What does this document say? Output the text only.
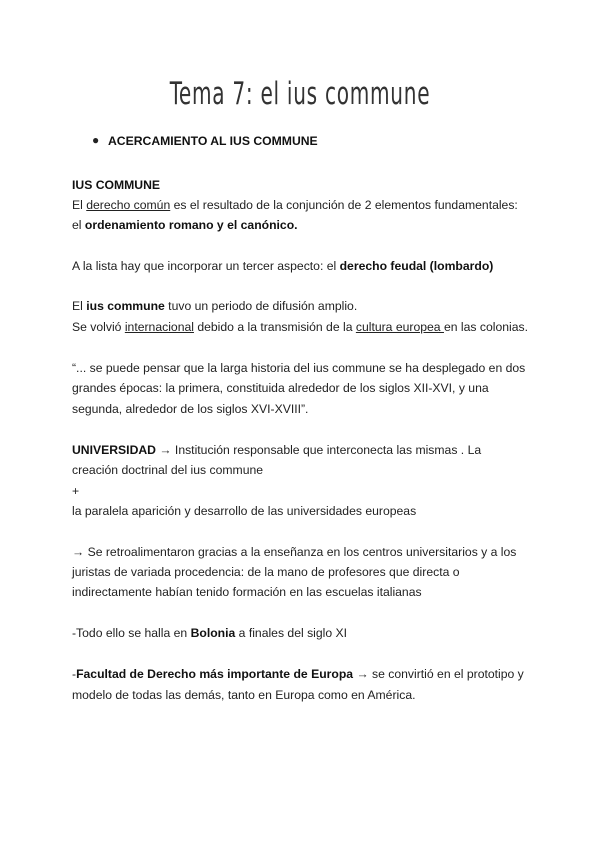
Tema 7: el ius commune
● ACERCAMIENTO AL IUS COMMUNE
IUS COMMUNE
El derecho común es el resultado de la conjunción de 2 elementos fundamentales:
el ordenamiento romano y el canónico.
A la lista hay que incorporar un tercer aspecto: el derecho feudal (lombardo)
El ius commune tuvo un periodo de difusión amplio.
Se volvió internacional debido a la transmisión de la cultura europea en las colonias.
“... se puede pensar que la larga historia del ius commune se ha desplegado en dos
grandes épocas: la primera, constituida alrededor de los siglos XII-XVI, y una
segunda, alrededor de los siglos XVI-XVIII”.
UNIVERSIDAD → Institución responsable que interconecta las mismas . La
creación doctrinal del ius commune
+
la paralela aparición y desarrollo de las universidades europeas
→ Se retroalimentaron gracias a la enseñanza en los centros universitarios y a los
juristas de variada procedencia: de la mano de profesores que directa o
indirectamente habían tenido formación en las escuelas italianas
-Todo ello se halla en Bolonia a finales del siglo XI
-Facultad de Derecho más importante de Europa → se convirtió en el prototipo y
modelo de todas las demás, tanto en Europa como en América.
